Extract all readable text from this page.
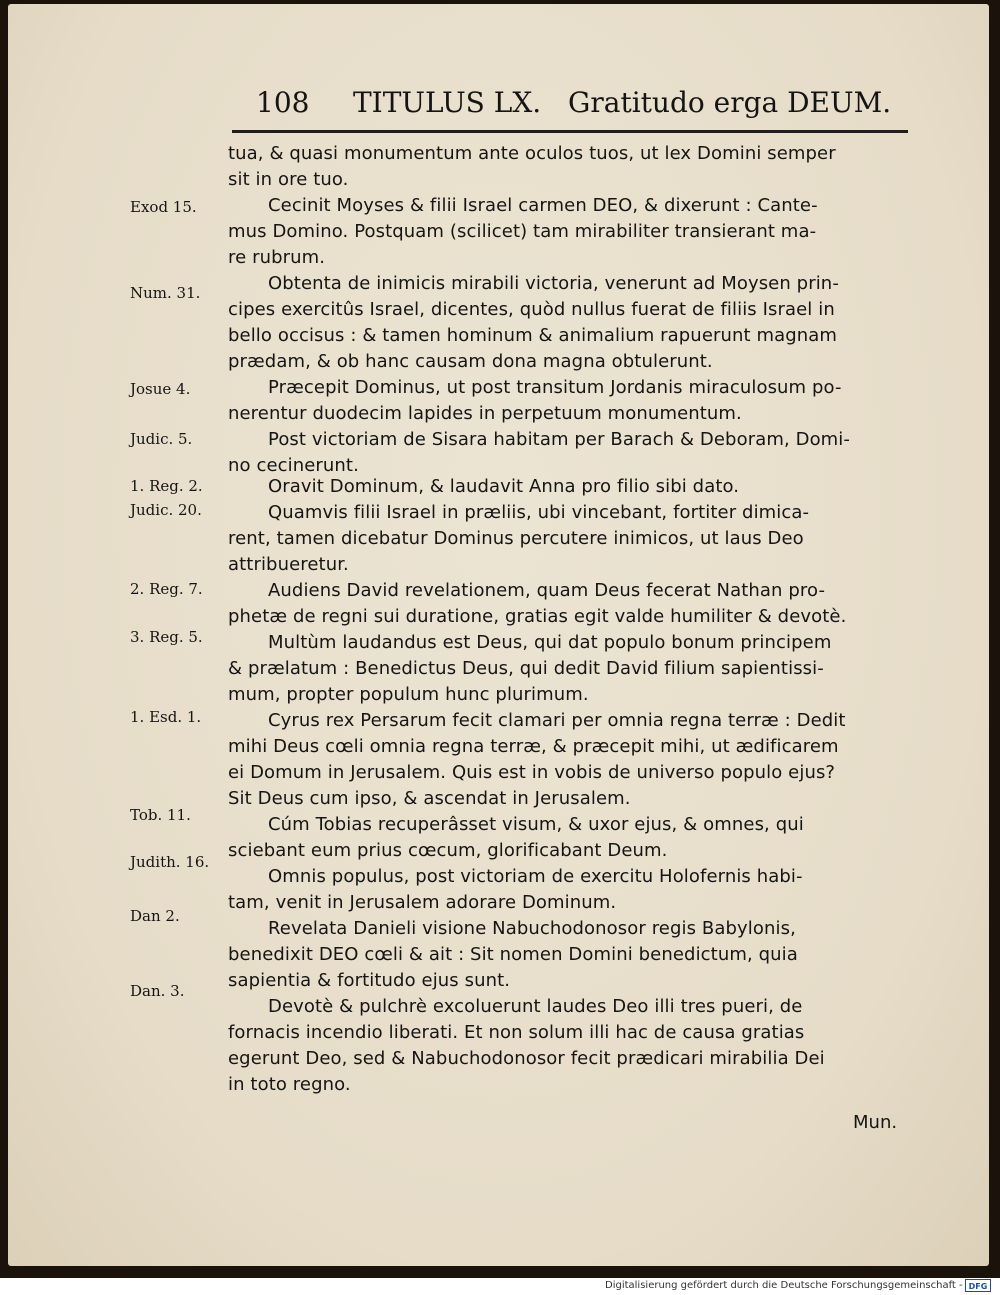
108 TITULUS LX. Gratitudo erga DEUM.
tua, & quasi monumentum ante oculos tuos, ut lex Domini semper
sit in ore tuo.
Cecinit Moyses & filii Israel carmen DEO, & dixerunt : Cante-
mus Domino. Postquam (scilicet) tam mirabiliter transierant ma-
re rubrum.
Obtenta de inimicis mirabili victoria, venerunt ad Moysen prin-
cipes exercitûs Israel, dicentes, quòd nullus fuerat de filiis Israel in
bello occisus : & tamen hominum & animalium rapuerunt magnam
prædam, & ob hanc causam dona magna obtulerunt.
Præcepit Dominus, ut post transitum Jordanis miraculosum po-
nerentur duodecim lapides in perpetuum monumentum.
Post victoriam de Sisara habitam per Barach & Deboram, Domi-
no cecinerunt.
Oravit Dominum, & laudavit Anna pro filio sibi dato.
Quamvis filii Israel in præliis, ubi vincebant, fortiter dimica-
rent, tamen dicebatur Dominus percutere inimicos, ut laus Deo
attribueretur.
Audiens David revelationem, quam Deus fecerat Nathan pro-
phetæ de regni sui duratione, gratias egit valde humiliter & devotè.
Multùm laudandus est Deus, qui dat populo bonum principem
& prælatum : Benedictus Deus, qui dedit David filium sapientissi-
mum, propter populum hunc plurimum.
Cyrus rex Persarum fecit clamari per omnia regna terræ : Dedit
mihi Deus cœli omnia regna terræ, & præcepit mihi, ut ædificarem
ei Domum in Jerusalem. Quis est in vobis de universo populo ejus?
Sit Deus cum ipso, & ascendat in Jerusalem.
Cúm Tobias recuperâsset visum, & uxor ejus, & omnes, qui
sciebant eum prius cœcum, glorificabant Deum.
Omnis populus, post victoriam de exercitu Holofernis habi-
tam, venit in Jerusalem adorare Dominum.
Revelata Danieli visione Nabuchodonosor regis Babylonis,
benedixit DEO cœli & ait : Sit nomen Domini benedictum, quia
sapientia & fortitudo ejus sunt.
Devotè & pulchrè excoluerunt laudes Deo illi tres pueri, de
fornacis incendio liberati. Et non solum illi hac de causa gratias
egerunt Deo, sed & Nabuchodonosor fecit prædicari mirabilia Dei
in toto regno.
Exod 15.
Num. 31.
Josue 4.
Judic. 5.
1. Reg. 2.
Judic. 20.
2. Reg. 7.
3. Reg. 5.
1. Esd. 1.
Tob. 11.
Judith. 16.
Dan 2.
Dan. 3.
Mun.
Digitalisierung gefördert durch die Deutsche Forschungsgemeinschaft - DFG
